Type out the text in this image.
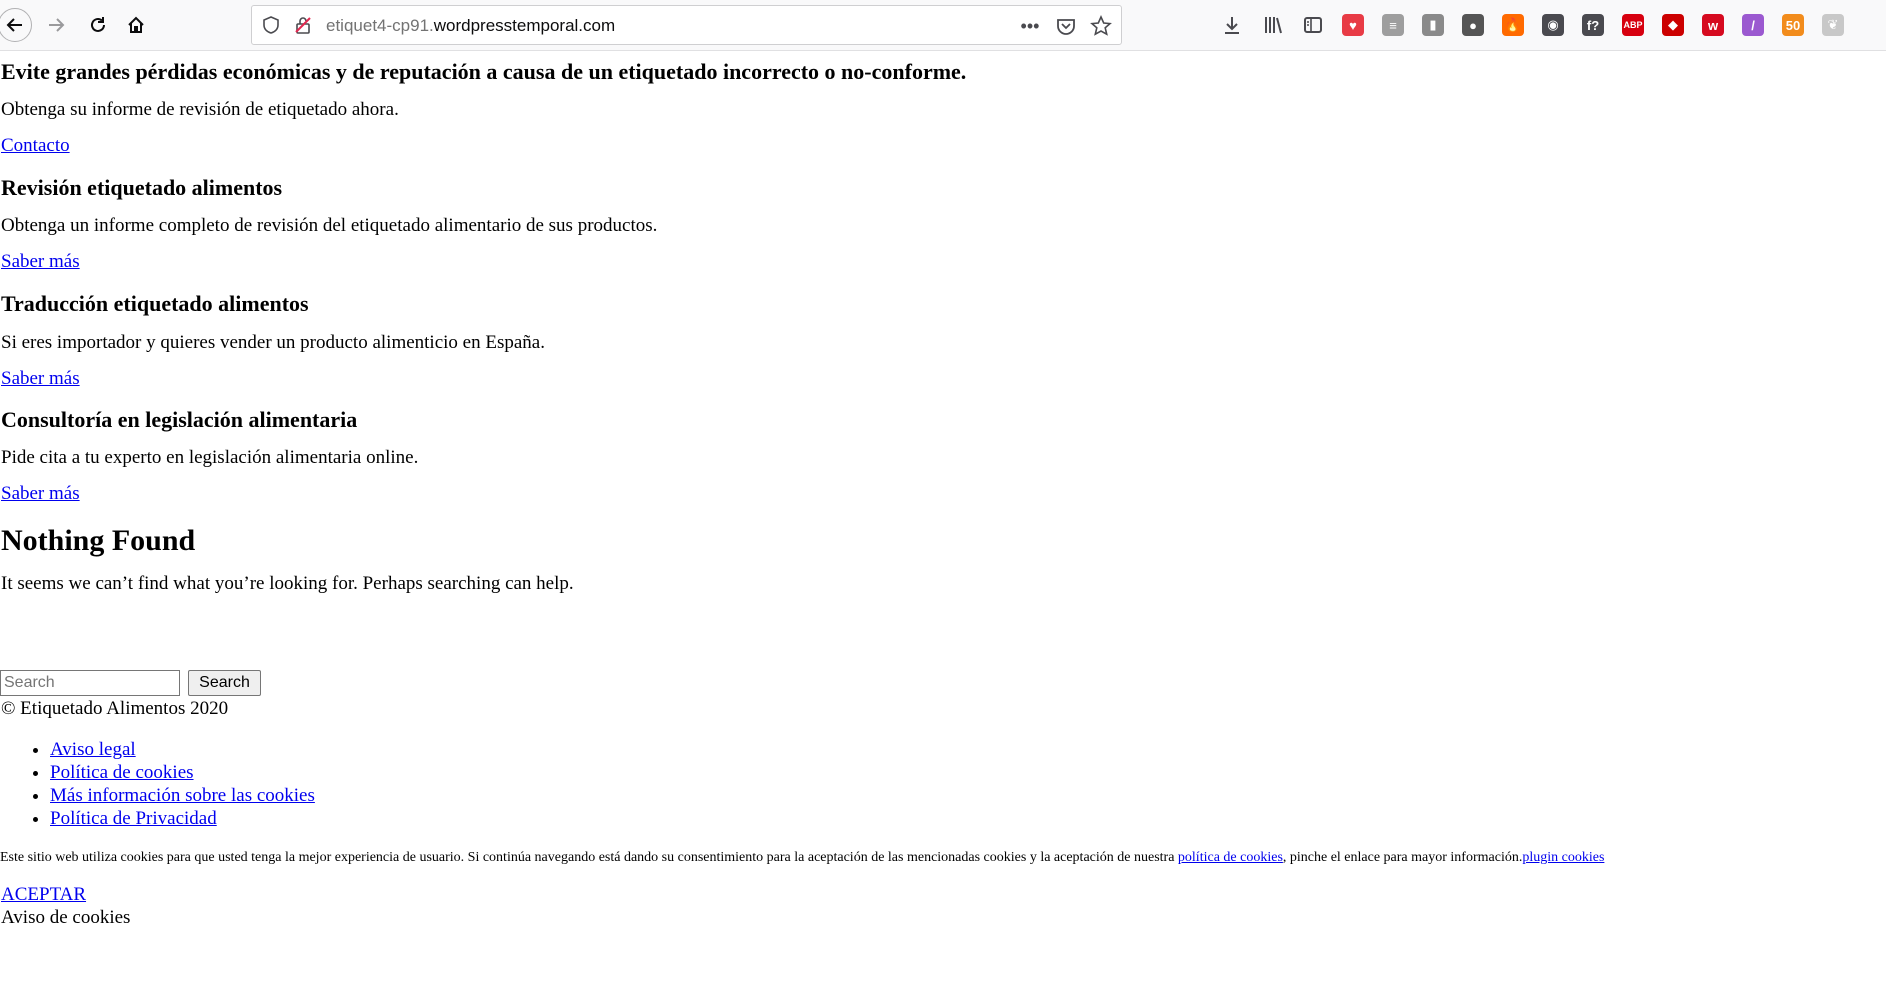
etiquet4-cp91.wordpresstemporal.com	•••	♥	≡	▮	●	🔥	◉	f?	ABP	◆	w	/	50	❦
Evite grandes pérdidas económicas y de reputación a causa de un etiquetado incorrecto o no-conforme.

Obtenga su informe de revisión de etiquetado ahora.

Contacto
Revisión etiquetado alimentos

Obtenga un informe completo de revisión del etiquetado alimentario de sus productos.

Saber más
Traducción etiquetado alimentos

Si eres importador y quieres vender un producto alimenticio en España.

Saber más
Consultoría en legislación alimentaria

Pide cita a tu experto en legislación alimentaria online.

Saber más
Nothing Found

It seems we can’t find what you’re looking for. Perhaps searching can help.

Search
Search
© Etiquetado Alimentos 2020
• Aviso legal
• Política de cookies
• Más información sobre las cookies
• Política de Privacidad
Este sitio web utiliza cookies para que usted tenga la mejor experiencia de usuario. Si continúa navegando está dando su consentimiento para la aceptación de las mencionadas cookies y la aceptación de nuestra política de cookies, pinche el enlace para mayor información.plugin cookies
ACEPTAR
Aviso de cookies
